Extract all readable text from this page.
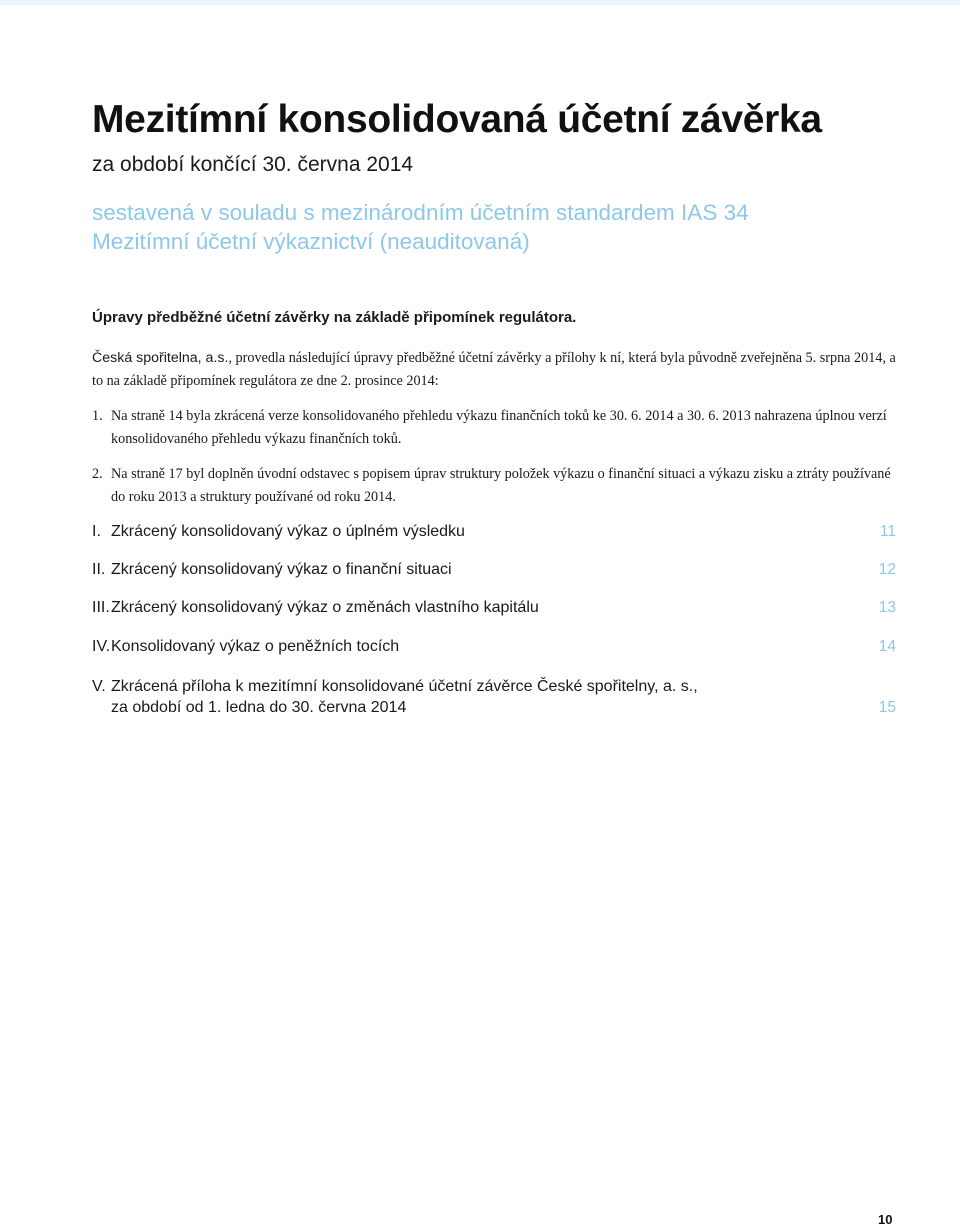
Mezitímní konsolidovaná účetní závěrka
za období končící 30. června 2014
sestavená v souladu s mezinárodním účetním standardem IAS 34
Mezitímní účetní výkaznictví (neauditovaná)
Úpravy předběžné účetní závěrky na základě připomínek regulátora.
Česká spořitelna, a.s., provedla následující úpravy předběžné účetní závěrky a přílohy k ní, která byla původně zveřejněna 5. srpna 2014, a to na základě připomínek regulátora ze dne 2. prosince 2014:
1. Na straně 14 byla zkrácená verze konsolidovaného přehledu výkazu finančních toků ke 30. 6. 2014 a 30. 6. 2013 nahrazena úplnou verzí konsolidovaného přehledu výkazu finančních toků.
2. Na straně 17 byl doplněn úvodní odstavec s popisem úprav struktury položek výkazu o finanční situaci a výkazu zisku a ztráty používané do roku 2013 a struktury používané od roku 2014.
I. Zkrácený konsolidovaný výkaz o úplném výsledku	11
II. Zkrácený konsolidovaný výkaz o finanční situaci	12
III. Zkrácený konsolidovaný výkaz o změnách vlastního kapitálu	13
IV. Konsolidovaný výkaz o peněžních tocích	14
V. Zkrácená příloha k mezitímní konsolidované účetní závěrce České spořitelny, a. s.,
za období od 1. ledna do 30. června 2014	15
10
